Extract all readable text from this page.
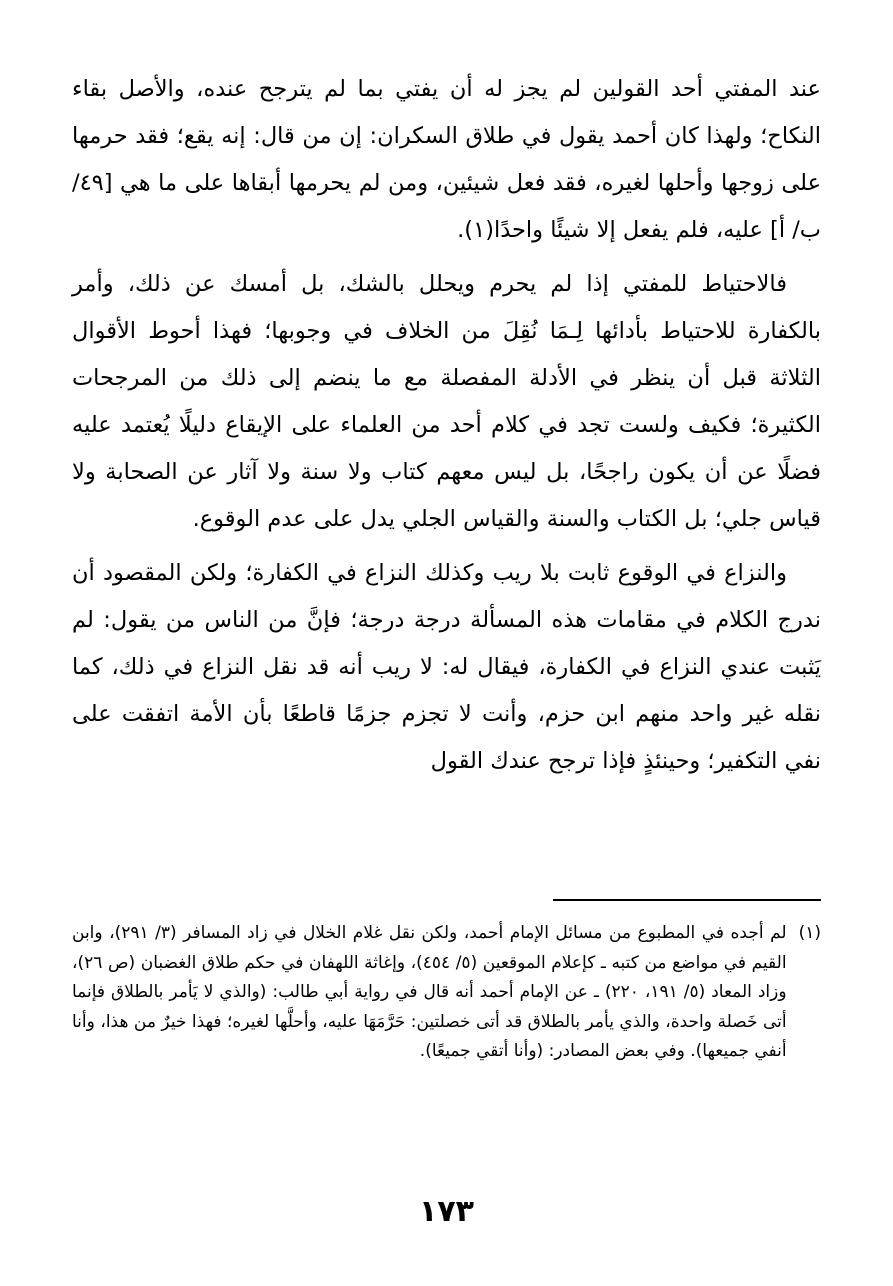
عند المفتي أحد القولين لم يجز له أن يفتي بما لم يترجح عنده، والأصل بقاء النكاح؛ ولهذا كان أحمد يقول في طلاق السكران: إن من قال: إنه يقع؛ فقد حرمها على زوجها وأحلها لغيره، فقد فعل شيئين، ومن لم يحرمها أبقاها على ما هي [٤٩/ ب/ أ] عليه، فلم يفعل إلا شيئًا واحدًا(١).

فالاحتياط للمفتي إذا لم يحرم ويحلل بالشك، بل أمسك عن ذلك، وأمر بالكفارة للاحتياط بأدائها لِـمَا نُقِلَ من الخلاف في وجوبها؛ فهذا أحوط الأقوال الثلاثة قبل أن ينظر في الأدلة المفصلة مع ما ينضم إلى ذلك من المرجحات الكثيرة؛ فكيف ولست تجد في كلام أحد من العلماء على الإيقاع دليلًا يُعتمد عليه فضلًا عن أن يكون راجحًا، بل ليس معهم كتاب ولا سنة ولا آثار عن الصحابة ولا قياس جلي؛ بل الكتاب والسنة والقياس الجلي يدل على عدم الوقوع.

والنزاع في الوقوع ثابت بلا ريب وكذلك النزاع في الكفارة؛ ولكن المقصود أن ندرج الكلام في مقامات هذه المسألة درجة درجة؛ فإنَّ من الناس من يقول: لم يَثبت عندي النزاع في الكفارة، فيقال له: لا ريب أنه قد نقل النزاع في ذلك، كما نقله غير واحد منهم ابن حزم، وأنت لا تجزم جزمًا قاطعًا بأن الأمة اتفقت على نفي التكفير؛ وحينئذٍ فإذا ترجح عندك القول

(١)
لم أجده في المطبوع من مسائل الإمام أحمد، ولكن نقل غلام الخلال في زاد المسافر (٣/ ٢٩١)، وابن القيم في مواضع من كتبه ـ كإعلام الموقعين (٥/ ٤٥٤)، وإغاثة اللهفان في حكم طلاق الغضبان (ص ٢٦)، وزاد المعاد (٥/ ١٩١، ٢٢٠) ـ عن الإمام أحمد أنه قال في رواية أبي طالب: (والذي لا يَأمر بالطلاق فإنما أتى خَصلة واحدة، والذي يأمر بالطلاق قد أتى خصلتين: حَرَّمَهَا عليه، وأحلَّها لغيره؛ فهذا خيرٌ من هذا، وأنا أنفي جميعها). وفي بعض المصادر: (وأنا أتقي جميعًا).
١٧٣
